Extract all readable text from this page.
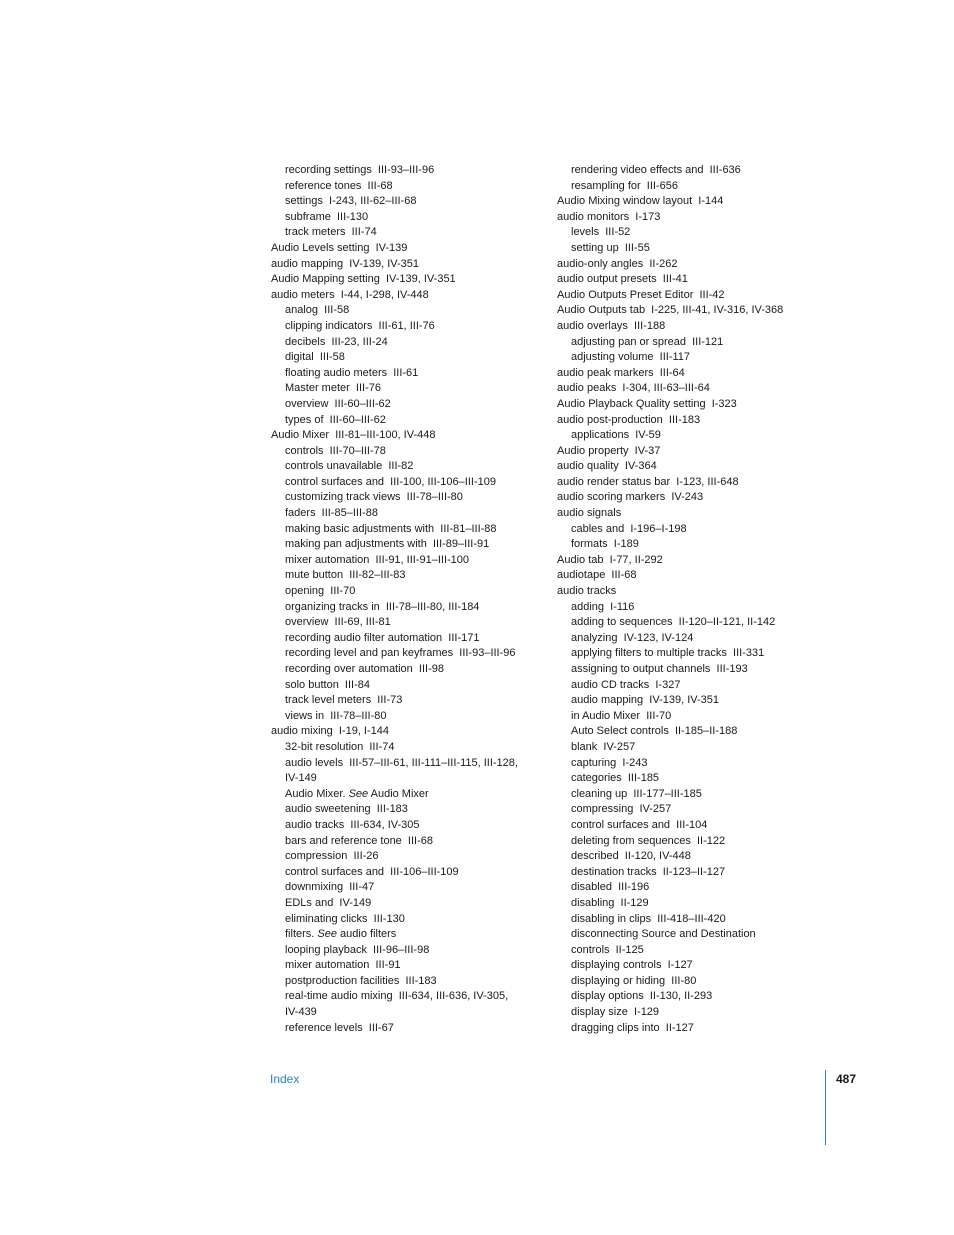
recording settings  III-93–III-96
reference tones  III-68
settings  I-243, III-62–III-68
subframe  III-130
track meters  III-74
Audio Levels setting  IV-139
audio mapping  IV-139, IV-351
Audio Mapping setting  IV-139, IV-351
audio meters  I-44, I-298, IV-448
analog  III-58
clipping indicators  III-61, III-76
decibels  III-23, III-24
digital  III-58
floating audio meters  III-61
Master meter  III-76
overview  III-60–III-62
types of  III-60–III-62
Audio Mixer  III-81–III-100, IV-448
controls  III-70–III-78
controls unavailable  III-82
control surfaces and  III-100, III-106–III-109
customizing track views  III-78–III-80
faders  III-85–III-88
making basic adjustments with  III-81–III-88
making pan adjustments with  III-89–III-91
mixer automation  III-91, III-91–III-100
mute button  III-82–III-83
opening  III-70
organizing tracks in  III-78–III-80, III-184
overview  III-69, III-81
recording audio filter automation  III-171
recording level and pan keyframes  III-93–III-96
recording over automation  III-98
solo button  III-84
track level meters  III-73
views in  III-78–III-80
audio mixing  I-19, I-144
32-bit resolution  III-74
audio levels  III-57–III-61, III-111–III-115, III-128,
IV-149
Audio Mixer. See Audio Mixer
audio sweetening  III-183
audio tracks  III-634, IV-305
bars and reference tone  III-68
compression  III-26
control surfaces and  III-106–III-109
downmixing  III-47
EDLs and  IV-149
eliminating clicks  III-130
filters. See audio filters
looping playback  III-96–III-98
mixer automation  III-91
postproduction facilities  III-183
real-time audio mixing  III-634, III-636, IV-305,
IV-439
reference levels  III-67
rendering video effects and  III-636
resampling for  III-656
Audio Mixing window layout  I-144
audio monitors  I-173
levels  III-52
setting up  III-55
audio-only angles  II-262
audio output presets  III-41
Audio Outputs Preset Editor  III-42
Audio Outputs tab  I-225, III-41, IV-316, IV-368
audio overlays  III-188
adjusting pan or spread  III-121
adjusting volume  III-117
audio peak markers  III-64
audio peaks  I-304, III-63–III-64
Audio Playback Quality setting  I-323
audio post-production  III-183
applications  IV-59
Audio property  IV-37
audio quality  IV-364
audio render status bar  I-123, III-648
audio scoring markers  IV-243
audio signals
cables and  I-196–I-198
formats  I-189
Audio tab  I-77, II-292
audiotape  III-68
audio tracks
adding  I-116
adding to sequences  II-120–II-121, II-142
analyzing  IV-123, IV-124
applying filters to multiple tracks  III-331
assigning to output channels  III-193
audio CD tracks  I-327
audio mapping  IV-139, IV-351
in Audio Mixer  III-70
Auto Select controls  II-185–II-188
blank  IV-257
capturing  I-243
categories  III-185
cleaning up  III-177–III-185
compressing  IV-257
control surfaces and  III-104
deleting from sequences  II-122
described  II-120, IV-448
destination tracks  II-123–II-127
disabled  III-196
disabling  II-129
disabling in clips  III-418–III-420
disconnecting Source and Destination
controls  II-125
displaying controls  I-127
displaying or hiding  III-80
display options  II-130, II-293
display size  I-129
dragging clips into  II-127
Index	487
